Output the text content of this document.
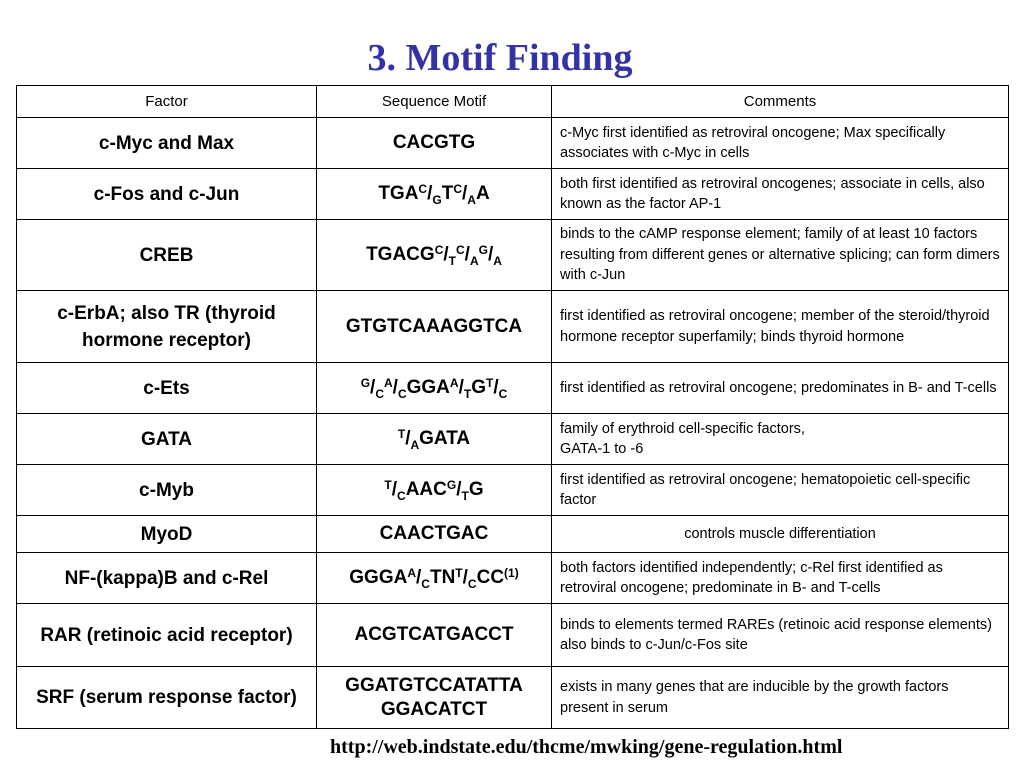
3. Motif Finding
Factor	Sequence Motif	Comments
c-Myc and Max	CACGTG	c-Myc first identified as retroviral oncogene; Max specifically associates with c-Myc in cells
c-Fos and c-Jun	$TGA^C/_GT^C/_AA$	both first identified as retroviral oncogenes; associate in cells, also known as the factor AP-1
CREB	$TGACG^C/_T^C/_A^G/_A$	binds to the cAMP response element; family of at least 10 factors resulting from different genes or alternative splicing; can form dimers with c-Jun
c-ErbA; also TR (thyroid hormone receptor)	GTGTCAAAGGTCA	first identified as retroviral oncogene; member of the steroid/thyroid hormone receptor superfamily; binds thyroid hormone
c-Ets	$^G/_C^A/_CGGA^A/_TG^T/_C$	first identified as retroviral oncogene; predominates in B- and T-cells
GATA	$^T/_AGATA$	family of erythroid cell-specific factors,
GATA-1 to -6
c-Myb	$^T/_CAAC^G/_TG$	first identified as retroviral oncogene; hematopoietic cell-specific factor
MyoD	CAACTGAC	controls muscle differentiation
NF-(kappa)B and c-Rel	$GGGA^A/_CTN^T/_CCC^{(1)}$	both factors identified independently; c-Rel first identified as retroviral oncogene; predominate in B- and T-cells
RAR (retinoic acid receptor)	ACGTCATGACCT	binds to elements termed RAREs (retinoic acid response elements) also binds to c-Jun/c-Fos site
SRF (serum response factor)	GGATGTCCATATTA GGACATCT	exists in many genes that are inducible by the growth factors present in serum
http://web.indstate.edu/thcme/mwking/gene-regulation.html
